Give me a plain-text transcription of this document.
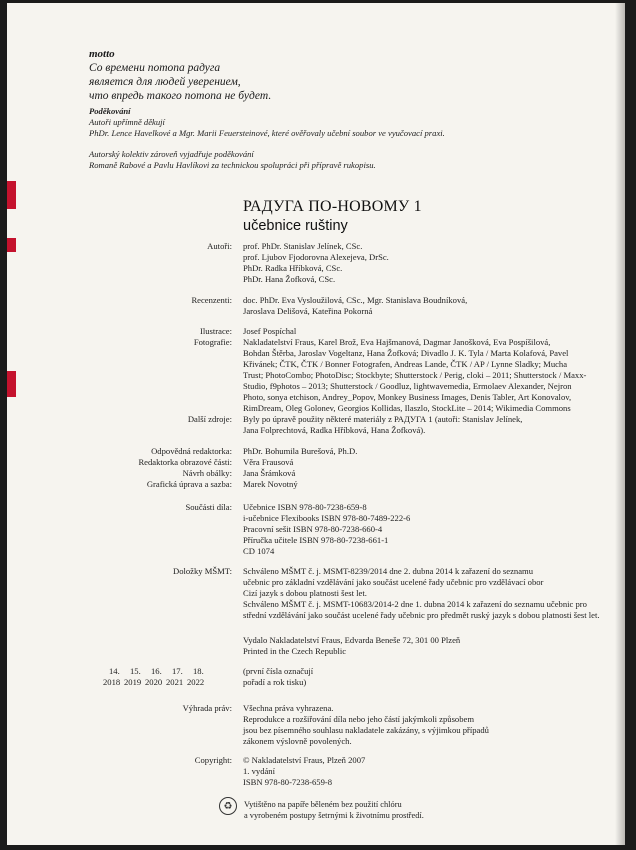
motto
Со времени потопа радуга
является для людей уверением,
что впредь такого потопа не будет.
Poděkování
Autoři upřímně děkují
PhDr. Lence Havelkové a Mgr. Marii Feuersteinové, které ověřovaly učební soubor ve vyučovací praxi.
Autorský kolektiv zároveň vyjadřuje poděkování
Romaně Rabové a Pavlu Havlíkovi za technickou spolupráci při přípravě rukopisu.
РАДУГА ПО-НОВОМУ 1
učebnice ruštiny
Autoři: prof. PhDr. Stanislav Jelínek, CSc.
prof. Ljubov Fjodorovna Alexejeva, DrSc.
PhDr. Radka Hříbková, CSc.
PhDr. Hana Žofková, CSc.
Recenzenti: doc. PhDr. Eva Vysloužilová, CSc., Mgr. Stanislava Boudníková,
Jaroslava Delišová, Kateřina Pokorná
Ilustrace: Josef Pospíchal
Fotografie: Nakladatelství Fraus, Karel Brož, Eva Hajšmanová, Dagmar Janošková, Eva Pospíšilová,
Bohdan Štěrba, Jaroslav Vogeltanz, Hana Žofková; Divadlo J. K. Tyla / Marta Kolafová, Pavel
Křivánek; ČTK, ČTK / Bonner Fotografen, Andreas Lande, ČTK / AP / Lynne Sladky; Mucha
Trust; PhotoCombo; PhotoDisc; Stockbyte; Shutterstock / Perig, cloki – 2011; Shutterstock / Maxx-
Studio, f9photos – 2013; Shutterstock / Goodluz, lightwavemedia, Ermolaev Alexander, Nejron
Photo, sonya etchison, Andrey_Popov, Monkey Business Images, Denis Tabler, Art Konovalov,
RimDream, Oleg Golonev, Georgios Kollidas, Ilaszlo, StockLite – 2014; Wikimedia Commons
Další zdroje: Byly po úpravě použity některé materiály z РАДУГА 1 (autoři: Stanislav Jelínek,
Jana Folprechtová, Radka Hříbková, Hana Žofková).
Odpovědná redaktorka:
Redaktorka obrazové části:
Návrh obálky:
Grafická úprava a sazba:
PhDr. Bohumila Burešová, Ph.D.
Věra Frausová
Jana Šrámková
Marek Novotný
Součásti díla: Učebnice ISBN 978-80-7238-659-8
i-učebnice Flexibooks ISBN 978-80-7489-222-6
Pracovní sešit ISBN 978-80-7238-660-4
Příručka učitele ISBN 978-80-7238-661-1
CD 1074
Doložky MŠMT: Schváleno MŠMT č. j. MSMT-8239/2014 dne 2. dubna 2014 k zařazení do seznamu
učebnic pro základní vzdělávání jako součást ucelené řady učebnic pro vzdělávací obor
Cizí jazyk s dobou platnosti šest let.
Schváleno MŠMT č. j. MSMT-10683/2014-2 dne 1. dubna 2014 k zařazení do seznamu učebnic pro
střední vzdělávání jako součást ucelené řady učebnic pro předmět ruský jazyk s dobou platnosti šest let.
Vydalo Nakladatelství Fraus, Edvarda Beneše 72, 301 00 Plzeň
Printed in the Czech Republic
14. 15. 16. 17. 18.
2018 2019 2020 2021 2022
(první čísla označují
pořadí a rok tisku)
Výhrada práv: Všechna práva vyhrazena.
Reprodukce a rozšiřování díla nebo jeho částí jakýmkoli způsobem
jsou bez písemného souhlasu nakladatele zakázány, s výjimkou případů
zákonem výslovně povolených.
Copyright: © Nakladatelství Fraus, Plzeň 2007
1. vydání
ISBN 978-80-7238-659-8
♻	Vytištěno na papíře běleném bez použití chlóru
a vyrobeném postupy šetrnými k životnímu prostředí.
